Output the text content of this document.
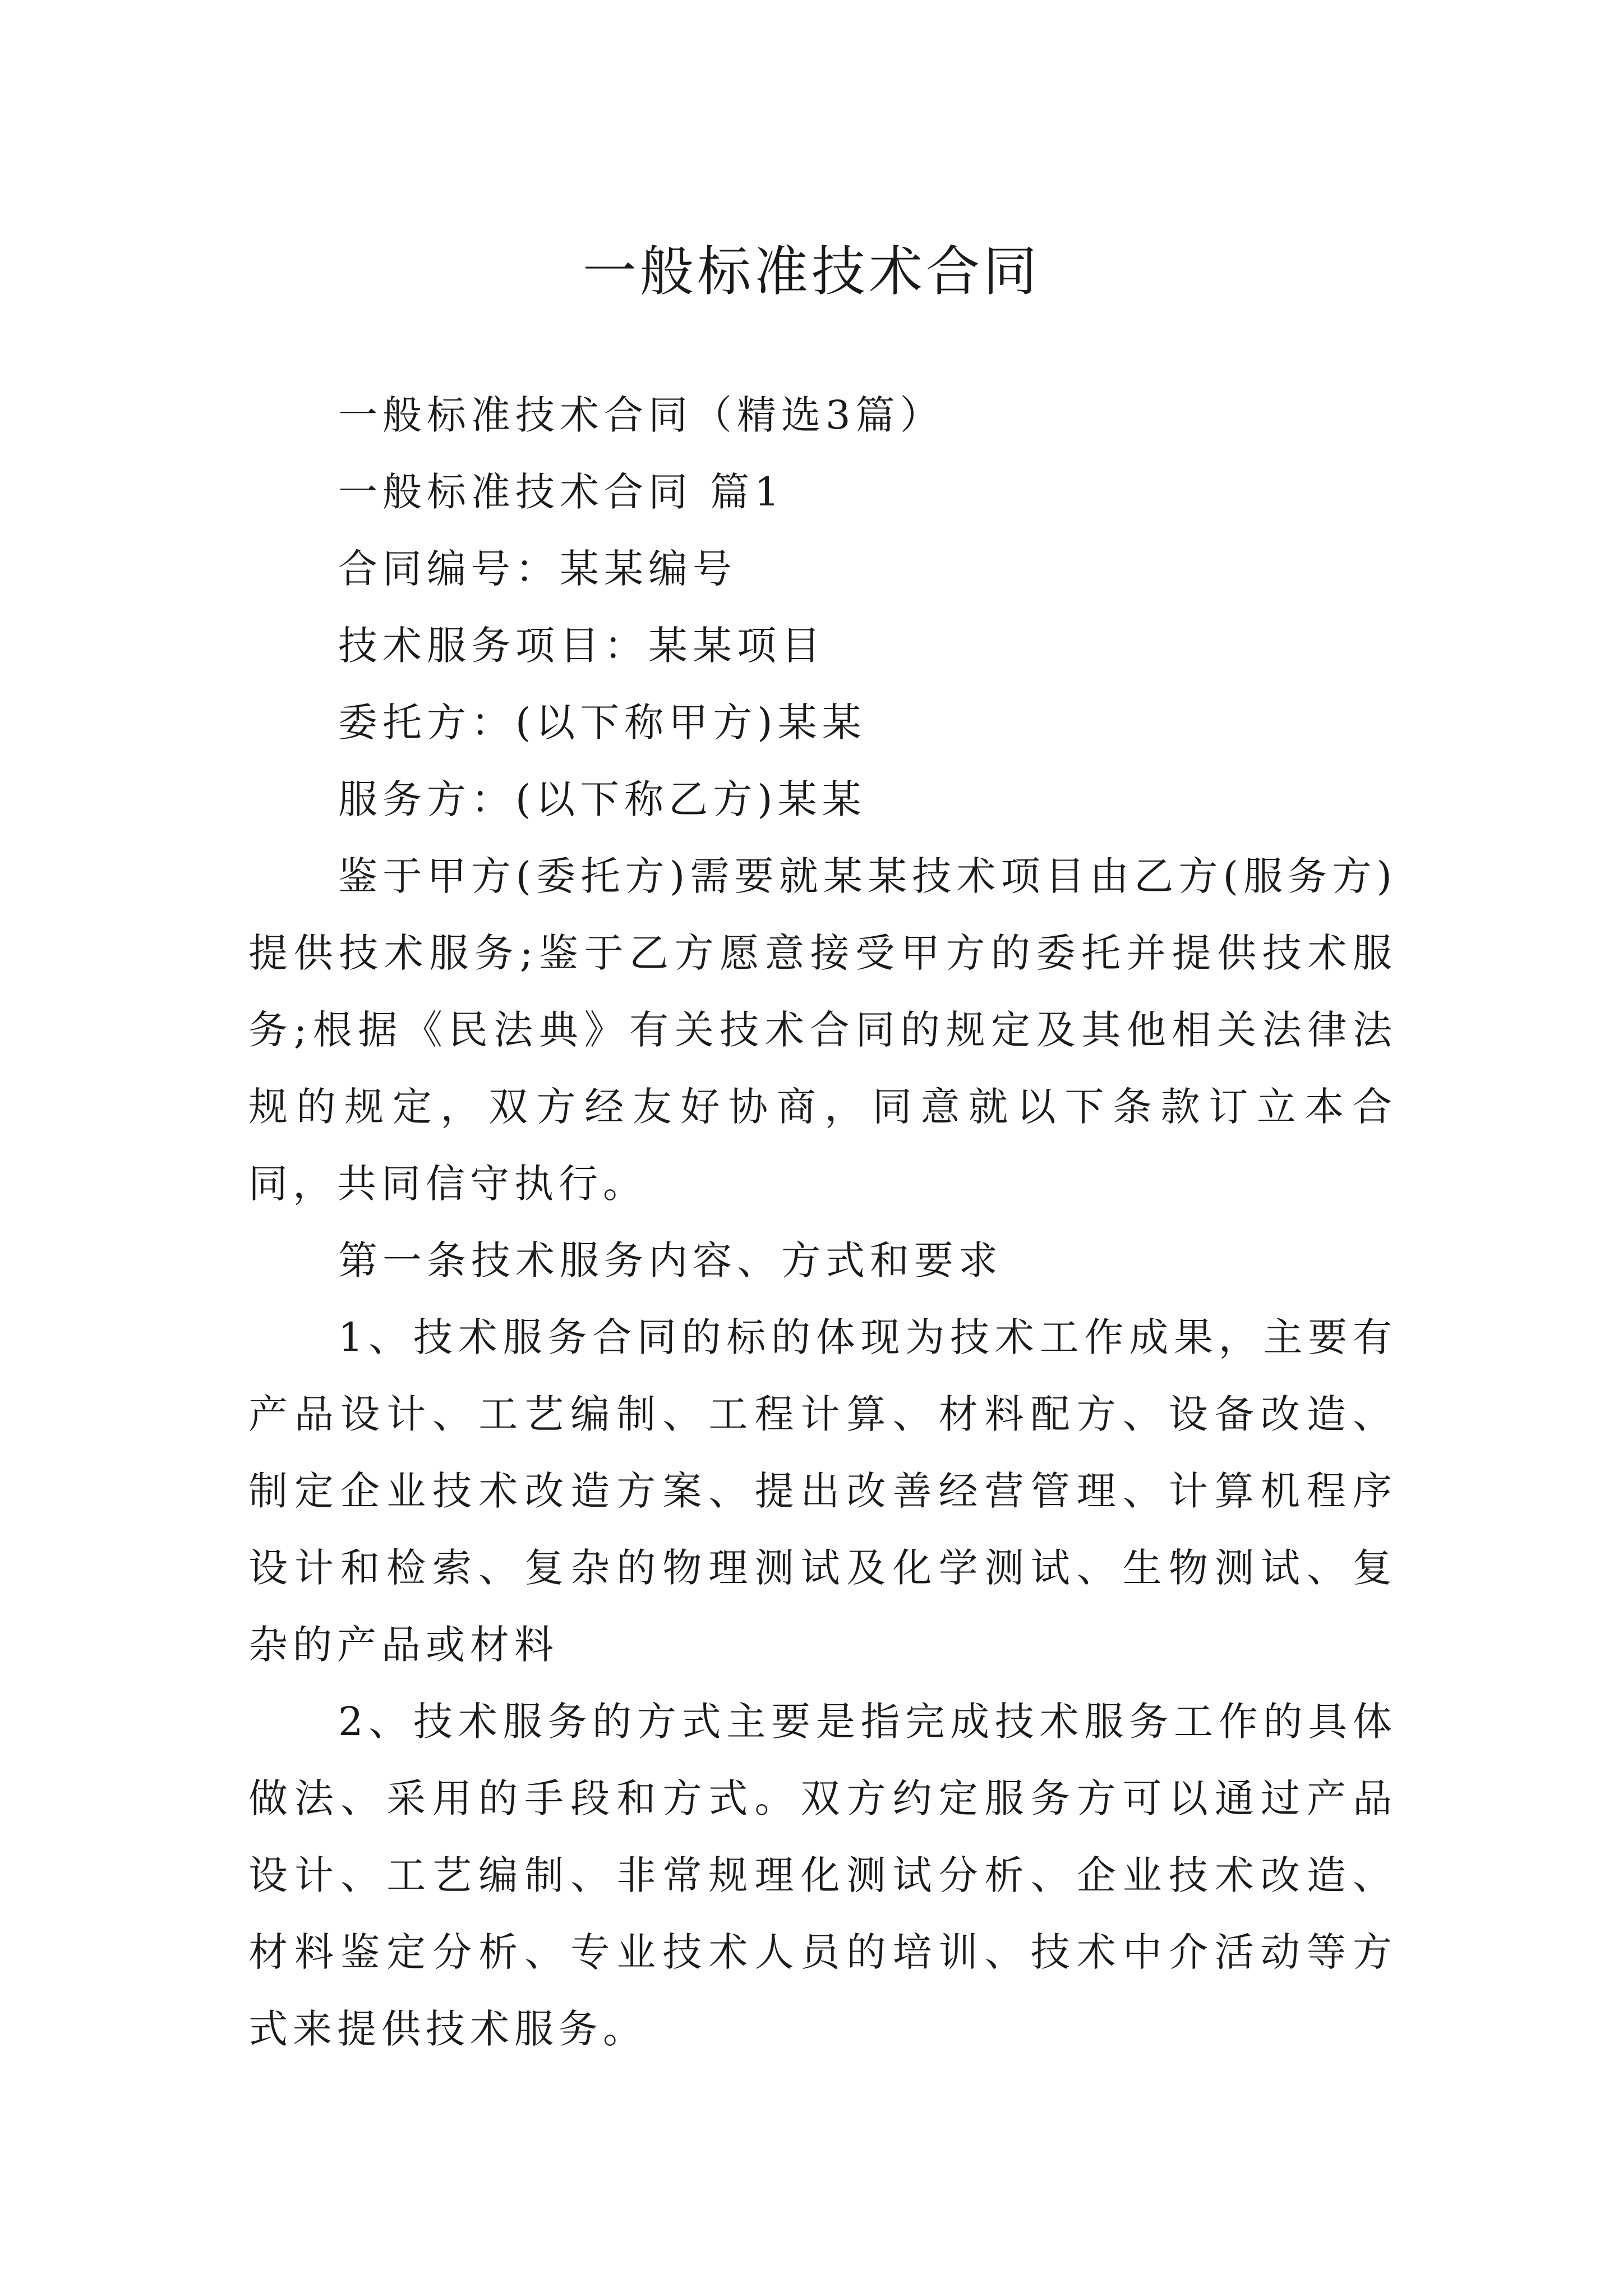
一般标准技术合同

一般标准技术合同（精选3篇）

一般标准技术合同 篇1

合同编号：某某编号

技术服务项目：某某项目

委托方：(以下称甲方)某某

服务方：(以下称乙方)某某

鉴于甲方(委托方)需要就某某技术项目由乙方(服务方)提供技术服务;鉴于乙方愿意接受甲方的委托并提供技术服务;根据《民法典》有关技术合同的规定及其他相关法律法规的规定，双方经友好协商，同意就以下条款订立本合同，共同信守执行。

第一条技术服务内容、方式和要求

1、技术服务合同的标的体现为技术工作成果，主要有产品设计、工艺编制、工程计算、材料配方、设备改造、制定企业技术改造方案、提出改善经营管理、计算机程序设计和检索、复杂的物理测试及化学测试、生物测试、复杂的产品或材料

2、技术服务的方式主要是指完成技术服务工作的具体做法、采用的手段和方式。双方约定服务方可以通过产品设计、工艺编制、非常规理化测试分析、企业技术改造、材料鉴定分析、专业技术人员的培训、技术中介活动等方式来提供技术服务。
